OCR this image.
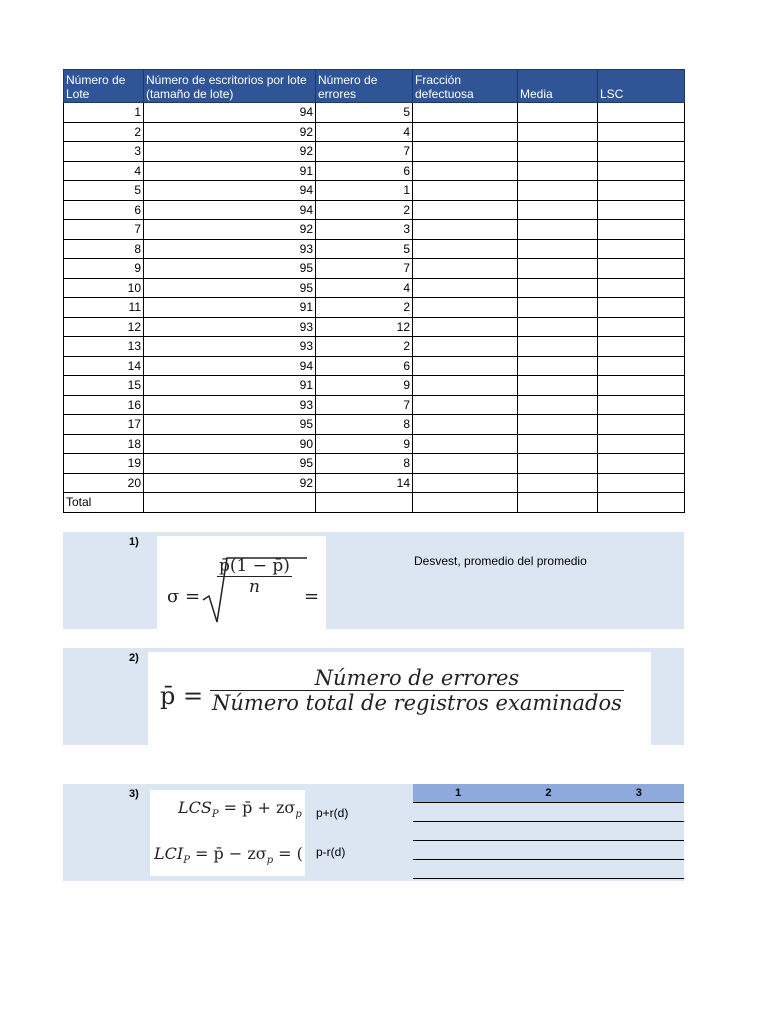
Número de Lote	Número de escritorios por lote (tamaño de lote)	Número de errores	Fracción defectuosa	Media	LSC
1	94	5			
2	92	4			
3	92	7			
4	91	6			
5	94	1			
6	94	2			
7	92	3			
8	93	5			
9	95	7			
10	95	4			
11	91	2			
12	93	12			
13	93	2			
14	94	6			
15	91	9			
16	93	7			
17	95	8			
18	90	9			
19	95	8			
20	92	14			
Total					
1)
$\sigma = \frac{p̄(1 - p̄)}{n}$ =
Desvest, promedio del promedio
2)
p̄ =
Número de errores
Número total de registros examinados
3)
$LCS_P$ = p̄ + $z\sigma_p$
$LCI_P$ = p̄ − $z\sigma_p$ = (
p+r(d)
p-r(d)
1	2	3
